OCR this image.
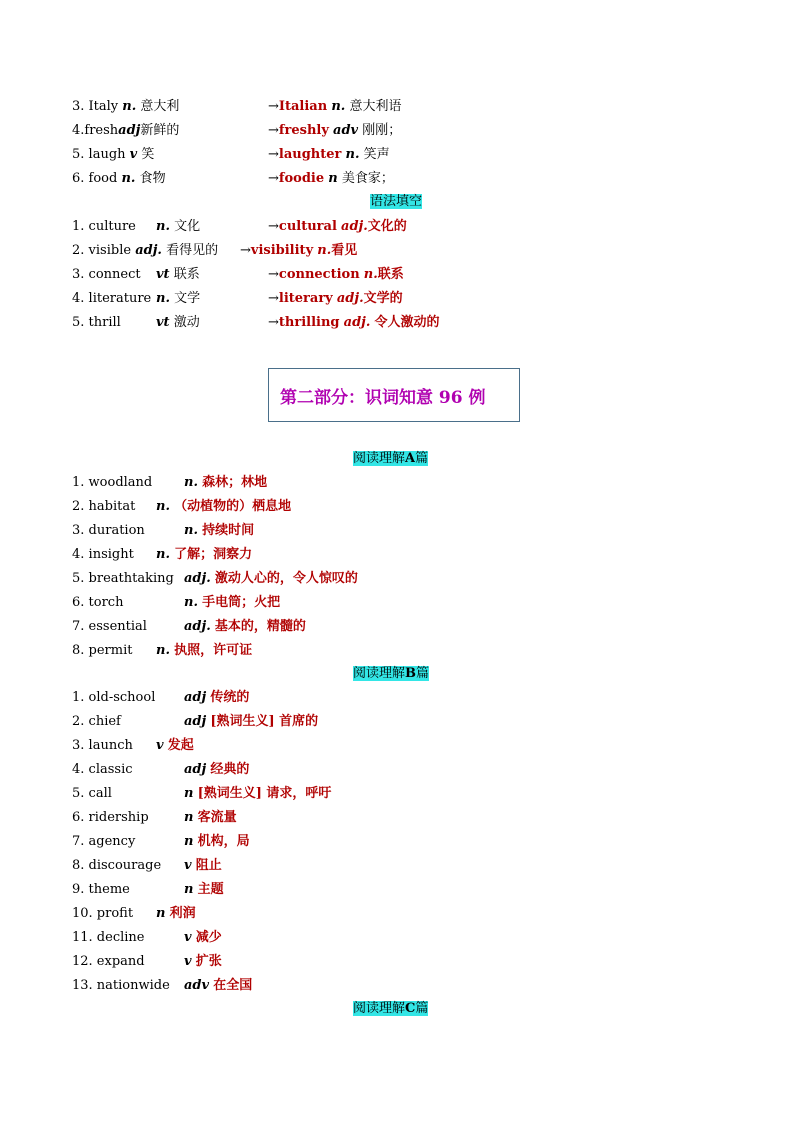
3. Italy n. 意大利	→Italian n. 意大利语
4.freshadj新鲜的	→freshly adv 刚刚；
5. laugh v 笑	→laughter n. 笑声
6. food n. 食物	→foodie n 美食家；
语法填空
1. culture n. 文化	→cultural adj.文化的
2. visible adj. 看得见的 →visibility n.看见
3. connect vt 联系	→connection n.联系
4. literature n. 文学	→literary adj.文学的
5. thrill	vt 激动	→thrilling adj. 令人激动的
第二部分：识词知意 96 例
阅读理解A篇
1. woodland n. 森林；林地
2. habitat n. （动植物的）栖息地
3. duration	n. 持续时间
4. insight n. 了解；洞察力
5. breathtaking adj. 激动人心的，令人惊叹的
6. torch	n. 手电筒；火把
7. essential	adj. 基本的，精髓的
8. permit n. 执照，许可证
阅读理解B篇
1. old-school adj 传统的
2. chief	adj [熟词生义] 首席的
3. launch v 发起
4. classic	adj 经典的
5. call	n [熟词生义] 请求，呼吁
6. ridership	n 客流量
7. agency	n 机构，局
8. discourage v 阻止
9. theme	n 主题
10. profit n 利润
11. decline	v 减少
12. expand	v 扩张
13. nationwide adv 在全国
阅读理解C篇
